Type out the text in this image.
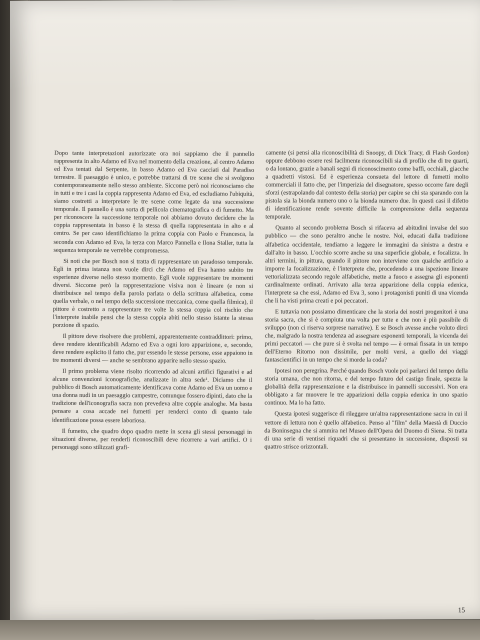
Dopo tante interpretazioni autorizzate ora noi sappiamo che il pannello rappresenta in alto Adamo ed Eva nel momento della creazione, al centro Adamo ed Eva tentati dal Serpente, in basso Adamo ed Eva cacciati dal Paradiso terrestre. Il paesaggio è unico, e potrebbe trattarsi di tre scene che si svolgono contemporaneamente nello stesso ambiente. Siccome però noi riconosciamo che in tutti e tre i casi la coppia rappresenta Adamo ed Eva, ed escludiamo l'ubiquità, siamo costretti a interpretare le tre scene come legate da una successione temporale. Il pannello è una sorta di pellicola cinematografica o di fumetto. Ma per riconoscere la successione temporale noi abbiamo dovuto decidere che la coppia rappresentata in basso è la stessa di quella rappresentata in alto e al centro. Se per caso identifichiamo la prima coppia con Paolo e Francesca, la seconda con Adamo ed Eva, la terza con Marco Pannella e Ilona Staller, tutta la sequenza temporale ne verrebbe compromessa.

Si noti che per Bosch non si tratta di rappresentare un paradosso temporale. Egli in prima istanza non vuole dirci che Adamo ed Eva hanno subito tre esperienze diverse nello stesso momento. Egli vuole rappresentare tre momenti diversi. Siccome però la rappresentazione visiva non è lineare (e non si distribuisce nel tempo della parola parlata o della scrittura alfabetica, come quella verbale, o nel tempo della successione meccanica, come quella filmica), il pittore è costretto a rappresentare tre volte la stessa coppia col rischio che l'interprete inabile pensi che la stessa coppia abiti nello stesso istante la stessa porzione di spazio.

Il pittore deve risolvere due problemi, apparentemente contraddittori: primo, deve rendere identificabili Adamo ed Eva a ogni loro apparizione, e, secondo, deve rendere esplicito il fatto che, pur essendo le stesse persone, esse appaiono in tre momenti diversi — anche se sembrano apparire nello stesso spazio.

Il primo problema viene risolto ricorrendo ad alcuni artifici figurativi e ad alcune convenzioni iconografiche, analizzate in altra sede¹. Diciamo che il pubblico di Bosch automaticamente identificava come Adamo ed Eva un uomo e una donna nudi in un paesaggio campestre, comunque fossero dipinti, dato che la tradizione dell'iconografia sacra non prevedeva altre coppie analoghe. Ma basta pensare a cosa accade nei fumetti per renderci conto di quanto tale identificazione possa essere laboriosa.

Il fumetto, che quadro dopo quadro mette in scena gli stessi personaggi in situazioni diverse, per renderli riconoscibili deve ricorrere a vari artifici. O i personaggi sono stilizzati grafi-

camente (si pensi alla riconoscibilità di Snoopy, di Dick Tracy, di Flash Gordon) oppure debbono essere resi facilmente riconoscibili sia di profilo che di tre quarti, o da lontano, grazie a banali segni di riconoscimento come baffi, occhiali, giacche a quadretti vistosi. Ed è esperienza consueta del lettore di fumetti molto commerciali il fatto che, per l'imperizia del disegnatore, spesso occorre fare degli sforzi (estrapolando dal contesto della storia) per capire se chi sta sparando con la pistola sia la bionda numero uno o la bionda numero due. In questi casi il difetto di identificazione rende sovente difficile la comprensione della sequenza temporale.

Quanto al secondo problema Bosch si rifaceva ad abitudini invalse del suo pubblico — che sono peraltro anche le nostre. Noi, educati dalla tradizione alfabetica occidentale, tendiamo a leggere le immagini da sinistra a destra e dall'alto in basso. L'occhio scorre anche su una superficie globale, e focalizza. In altri termini, in pittura, quando il pittore non interviene con qualche artificio a imporre la focalizzazione, è l'interprete che, procedendo a una ispezione lineare vettorializzata secondo regole alfabetiche, mette a fuoco e assegna gli esponenti cardinalmente ordinati. Arrivato alla terza apparizione della coppia edenica, l'interprete sa che essi, Adamo ed Eva 3, sono i protagonisti puniti di una vicenda che li ha visti prima creati e poi peccatori.

E tuttavia non possiamo dimenticare che la storia dei nostri progenitori è una storia sacra, che si è compiuta una volta per tutte e che non è più passibile di sviluppo (non ci riserva sorprese narrative). E se Bosch avesse anche voluto dirci che, malgrado la nostra tendenza ad assegnare esponenti temporali, la vicenda dei primi peccatori — che pure si è svolta nel tempo — è ormai fissata in un tempo dell'Eterno Ritorno non dissimile, per molti versi, a quello dei viaggi fantascientifici in un tempo che si morde la coda?

Ipotesi non peregrina. Perché quando Bosch vuole poi parlarci del tempo della storia umana, che non ritorna, e del tempo futuro del castigo finale, spezza la globalità della rappresentazione e la distribuisce in pannelli successivi. Non era obbligato a far muovere le tre apparizioni della coppia edenica in uno spazio continuo. Ma lo ha fatto.

Questa ipotesi suggerisce di rileggere un'altra rappresentazione sacra in cui il vettore di lettura non è quello alfabetico. Penso al "film" della Maestà di Duccio da Boninsegna che si ammira nel Museo dell'Opera del Duomo di Siena. Si tratta di una serie di ventisei riquadri che si presentano in successione, disposti su quattro strisce orizzontali.

15
